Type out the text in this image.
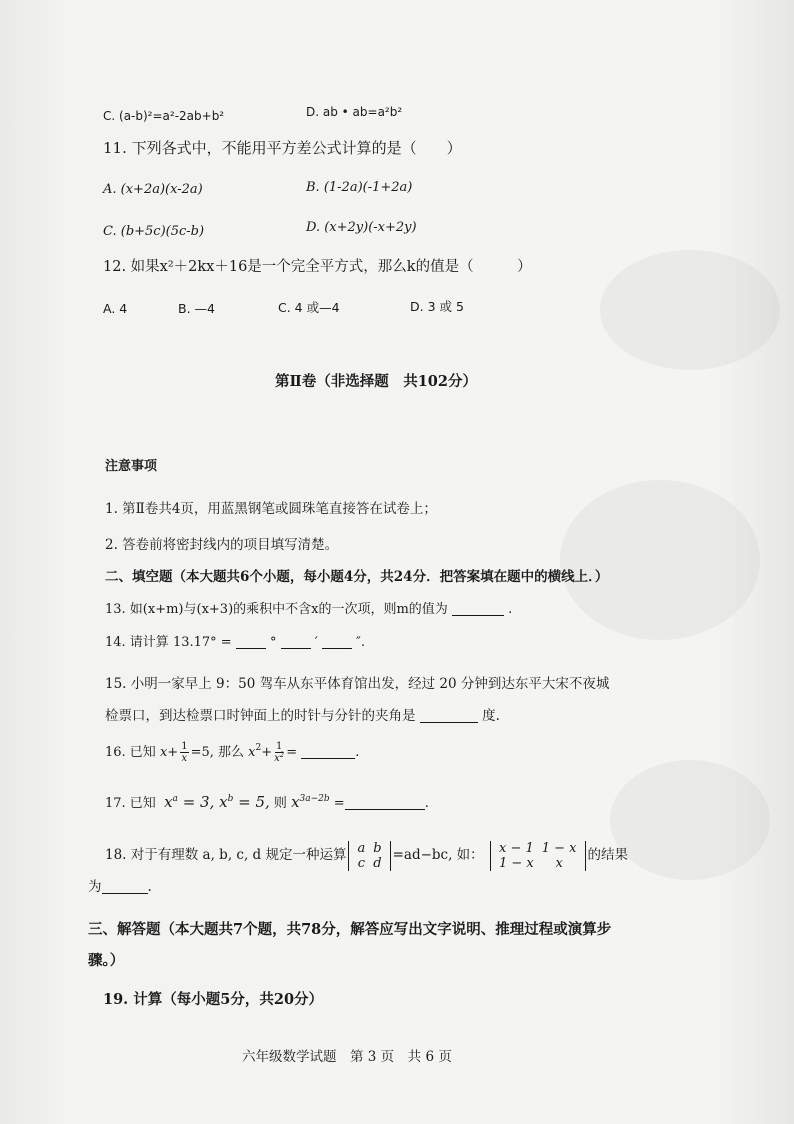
C. (a-b)²=a²-2ab+b²	D. ab • ab=a²b²
11. 下列各式中，不能用平方差公式计算的是（　　）
A. (x+2a)(x-2a)	B. (1-2a)(-1+2a)
C. (b+5c)(5c-b)	D. (x+2y)(-x+2y)
12. 如果x²＋2kx＋16是一个完全平方式，那么k的值是（　　　）
A. 4	B. —4	C. 4 或—4	D. 3 或 5
第Ⅱ卷（非选择题　共102分）
注意事项
1. 第Ⅱ卷共4页，用蓝黑钢笔或圆珠笔直接答在试卷上；
2. 答卷前将密封线内的项目填写清楚。
二、填空题（本大题共6个小题，每小题4分，共24分．把答案填在题中的横线上．）
13. 如(x+m)与(x+3)的乘积中不含x的一次项，则m的值为	.
14. 请计算 13.17° =	°	′	″.
15. 小明一家早上 9：50 驾车从东平体育馆出发，经过 20 分钟到达东平大宋不夜城
检票口，到达检票口时钟面上的时针与分针的夹角是	度.
16. 已知 $x+ \frac{1}{x} =5$, 那么 $x^2+ \frac{1}{x^2}$ =	.
17. 已知 $x^a = 3$, $x^b = 5$, 则 $x^{3a-2b}$ =	.
18. 对于有理数 a, b, c, d 规定一种运算 a	b
c	d =ad−bc, 如： x − 1	1 − x
1 − x	x 的结果
为	.
三、解答题（本大题共7个题，共78分，解答应写出文字说明、推理过程或演算步
骤。）
19. 计算（每小题5分，共20分）
六年级数学试题　第 3 页　共 6 页
